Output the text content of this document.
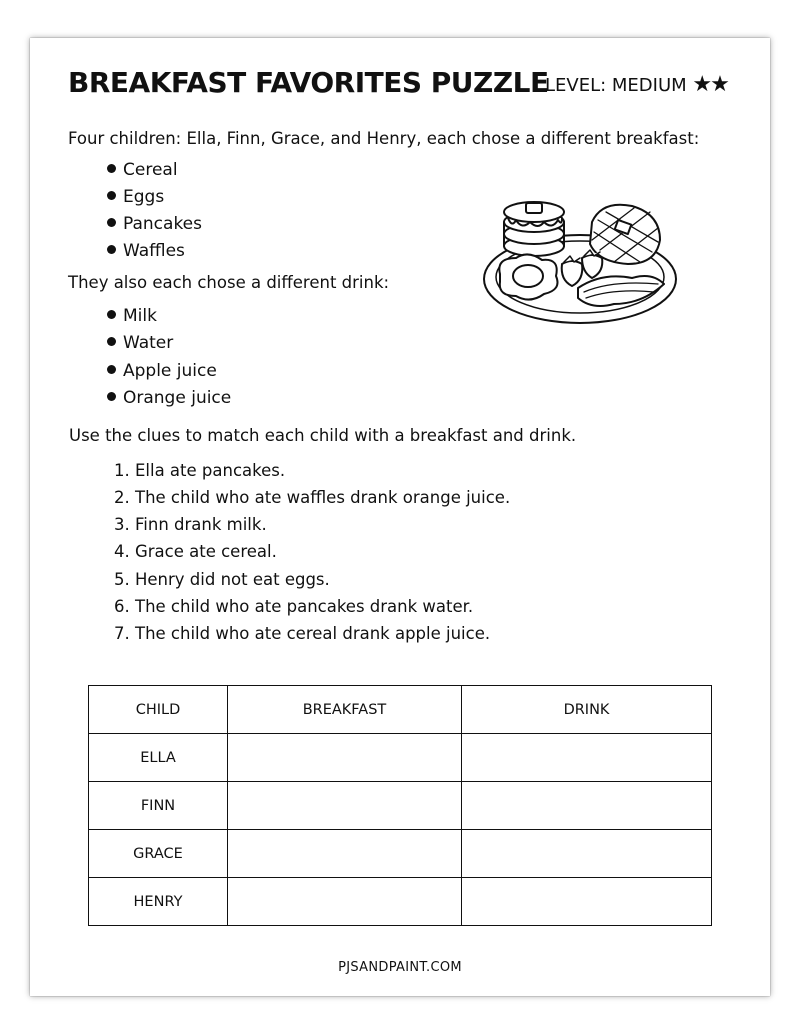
BREAKFAST FAVORITES PUZZLE
LEVEL: MEDIUM ★★
Four children: Ella, Finn, Grace, and Henry, each chose a different breakfast:
Cereal
Eggs
Pancakes
Waffles
They also each chose a different drink:
Milk
Water
Apple juice
Orange juice
Use the clues to match each child with a breakfast and drink.
1. Ella ate pancakes.
2. The child who ate waffles drank orange juice.
3. Finn drank milk.
4. Grace ate cereal.
5. Henry did not eat eggs.
6. The child who ate pancakes drank water.
7. The child who ate cereal drank apple juice.
CHILD	BREAKFAST	DRINK
ELLA		
FINN		
GRACE		
HENRY		
PJSANDPAINT.COM
